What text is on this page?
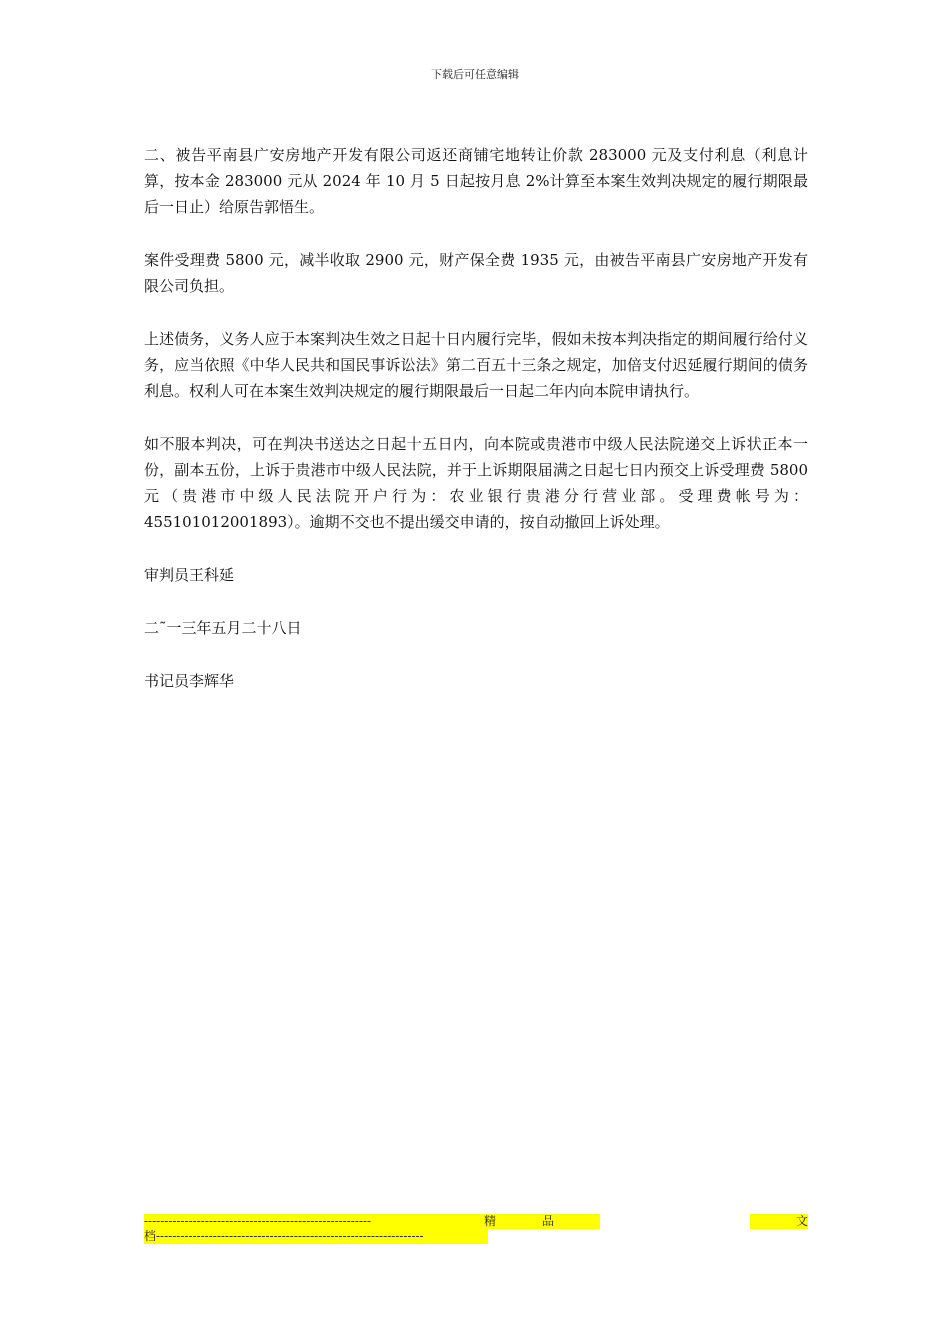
下载后可任意编辑

二、被告平南县广安房地产开发有限公司返还商铺宅地转让价款 283000 元及支付利息（利息计算，按本金 283000 元从 2024 年 10 月 5 日起按月息 2%计算至本案生效判决规定的履行期限最后一日止）给原告郭悟生。

案件受理费 5800 元，减半收取 2900 元，财产保全费 1935 元，由被告平南县广安房地产开发有限公司负担。

上述债务，义务人应于本案判决生效之日起十日内履行完毕，假如未按本判决指定的期间履行给付义务，应当依照《中华人民共和国民事诉讼法》第二百五十三条之规定，加倍支付迟延履行期间的债务利息。权利人可在本案生效判决规定的履行期限最后一日起二年内向本院申请执行。

如不服本判决，可在判决书送达之日起十五日内，向本院或贵港市中级人民法院递交上诉状正本一份，副本五份，上诉于贵港市中级人民法院，并于上诉期限届满之日起七日内预交上诉受理费 5800 元（贵港市中级人民法院开户行为：农业银行贵港分行营业部。受理费帐号为：455101012001893）。逾期不交也不提出缓交申请的，按自动撤回上诉处理。

审判员王科延

二˜一三年五月二十八日

书记员李辉华

--------------------------------------------------------	精	品	文
档------------------------------------------------------------------
